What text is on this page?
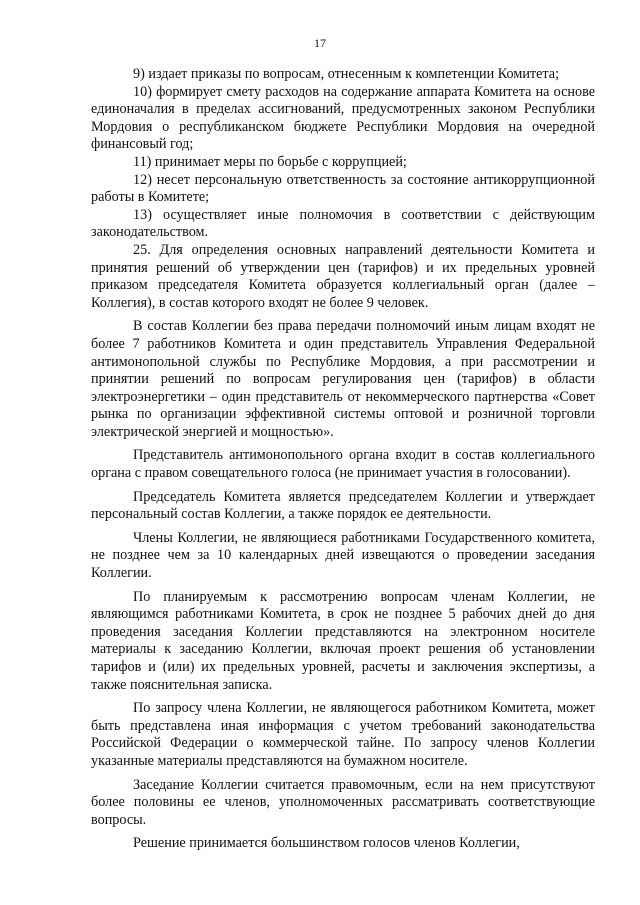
17

9) издает приказы по вопросам, отнесенным к компетенции Комитета;

10) формирует смету расходов на содержание аппарата Комитета на основе единоначалия в пределах ассигнований, предусмотренных законом Республики Мордовия о республиканском бюджете Республики Мордовия на очередной финансовый год;

11) принимает меры по борьбе с коррупцией;

12) несет персональную ответственность за состояние антикоррупционной работы в Комитете;

13) осуществляет иные полномочия в соответствии с действующим законодательством.

25. Для определения основных направлений деятельности Комитета и принятия решений об утверждении цен (тарифов) и их предельных уровней приказом председателя Комитета образуется коллегиальный орган (далее – Коллегия), в состав которого входят не более 9 человек.

В состав Коллегии без права передачи полномочий иным лицам входят не более 7 работников Комитета и один представитель Управления Федеральной антимонопольной службы по Республике Мордовия, а при рассмотрении и принятии решений по вопросам регулирования цен (тарифов) в области электроэнергетики – один представитель от некоммерческого партнерства «Совет рынка по организации эффективной системы оптовой и розничной торговли электрической энергией и мощностью».

Представитель антимонопольного органа входит в состав коллегиального органа с правом совещательного голоса (не принимает участия в голосовании).

Председатель Комитета является председателем Коллегии и утверждает персональный состав Коллегии, а также порядок ее деятельности.

Члены Коллегии, не являющиеся работниками Государственного комитета, не позднее чем за 10 календарных дней извещаются о проведении заседания Коллегии.

По планируемым к рассмотрению вопросам членам Коллегии, не являющимся работниками Комитета, в срок не позднее 5 рабочих дней до дня проведения заседания Коллегии представляются на электронном носителе материалы к заседанию Коллегии, включая проект решения об установлении тарифов и (или) их предельных уровней, расчеты и заключения экспертизы, а также пояснительная записка.

По запросу члена Коллегии, не являющегося работником Комитета, может быть представлена иная информация с учетом требований законодательства Российской Федерации о коммерческой тайне. По запросу членов Коллегии указанные материалы представляются на бумажном носителе.

Заседание Коллегии считается правомочным, если на нем присутствуют более половины ее членов, уполномоченных рассматривать соответствующие вопросы.

Решение принимается большинством голосов членов Коллегии,
